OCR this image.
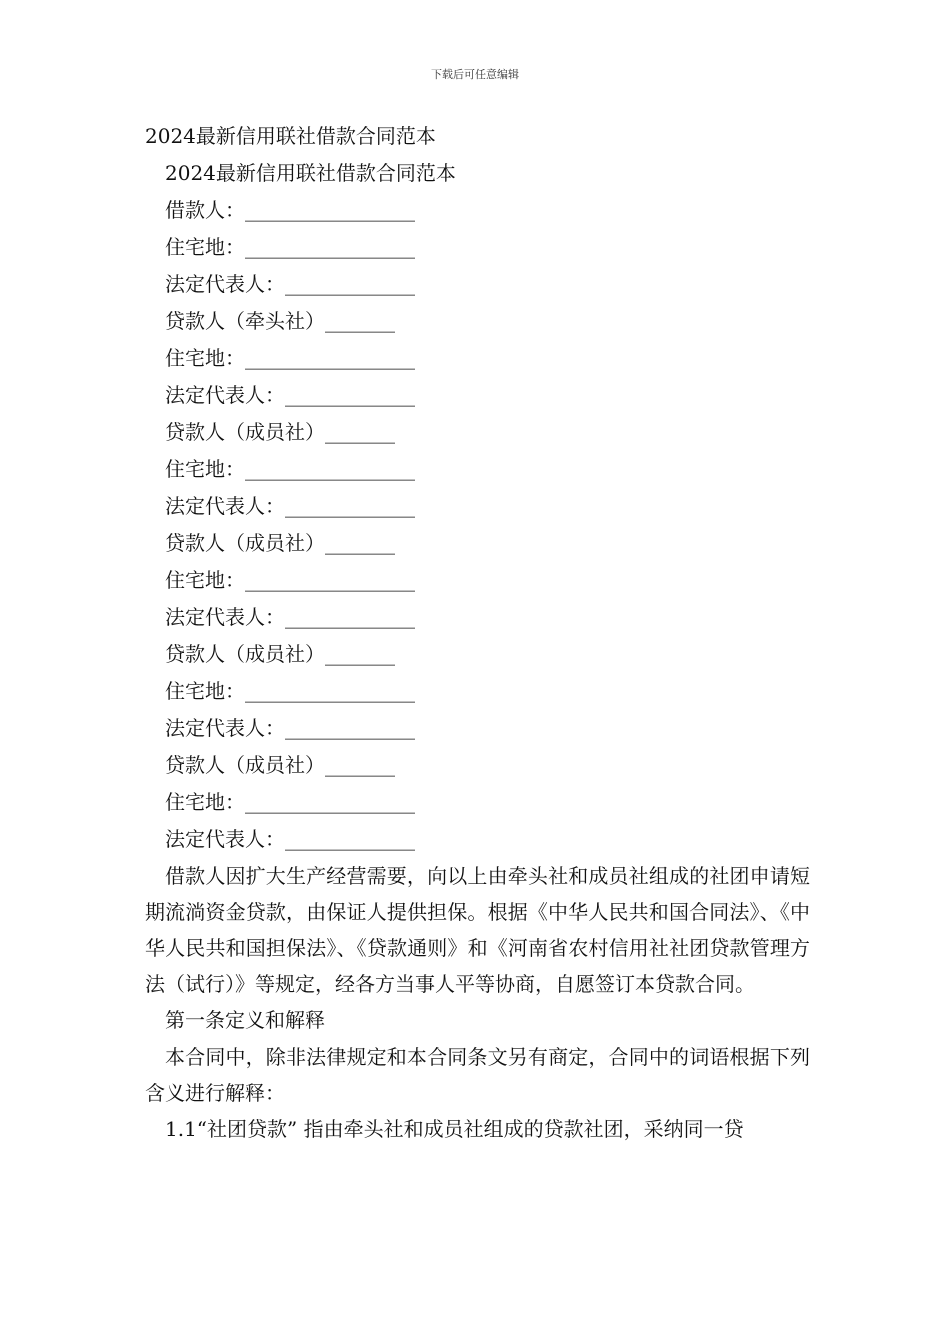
下载后可任意编辑
2024最新信用联社借款合同范本
2024最新信用联社借款合同范本
借款人：_________________
住宅地：_________________
法定代表人：_____________
贷款人（牵头社）_______
住宅地：_________________
法定代表人：_____________
贷款人（成员社）_______
住宅地：_________________
法定代表人：_____________
贷款人（成员社）_______
住宅地：_________________
法定代表人：_____________
贷款人（成员社）_______
住宅地：_________________
法定代表人：_____________
贷款人（成员社）_______
住宅地：_________________
法定代表人：_____________

借款人因扩大生产经营需要，向以上由牵头社和成员社组成的社团申请短期流淌资金贷款，由保证人提供担保。根据《中华人民共和国合同法》、《中华人民共和国担保法》、《贷款通则》和《河南省农村信用社社团贷款管理方法（试行）》等规定，经各方当事人平等协商，自愿签订本贷款合同。

第一条定义和解释

本合同中，除非法律规定和本合同条文另有商定，合同中的词语根据下列含义进行解释：

1.1“社团贷款” 指由牵头社和成员社组成的贷款社团，采纳同一贷
